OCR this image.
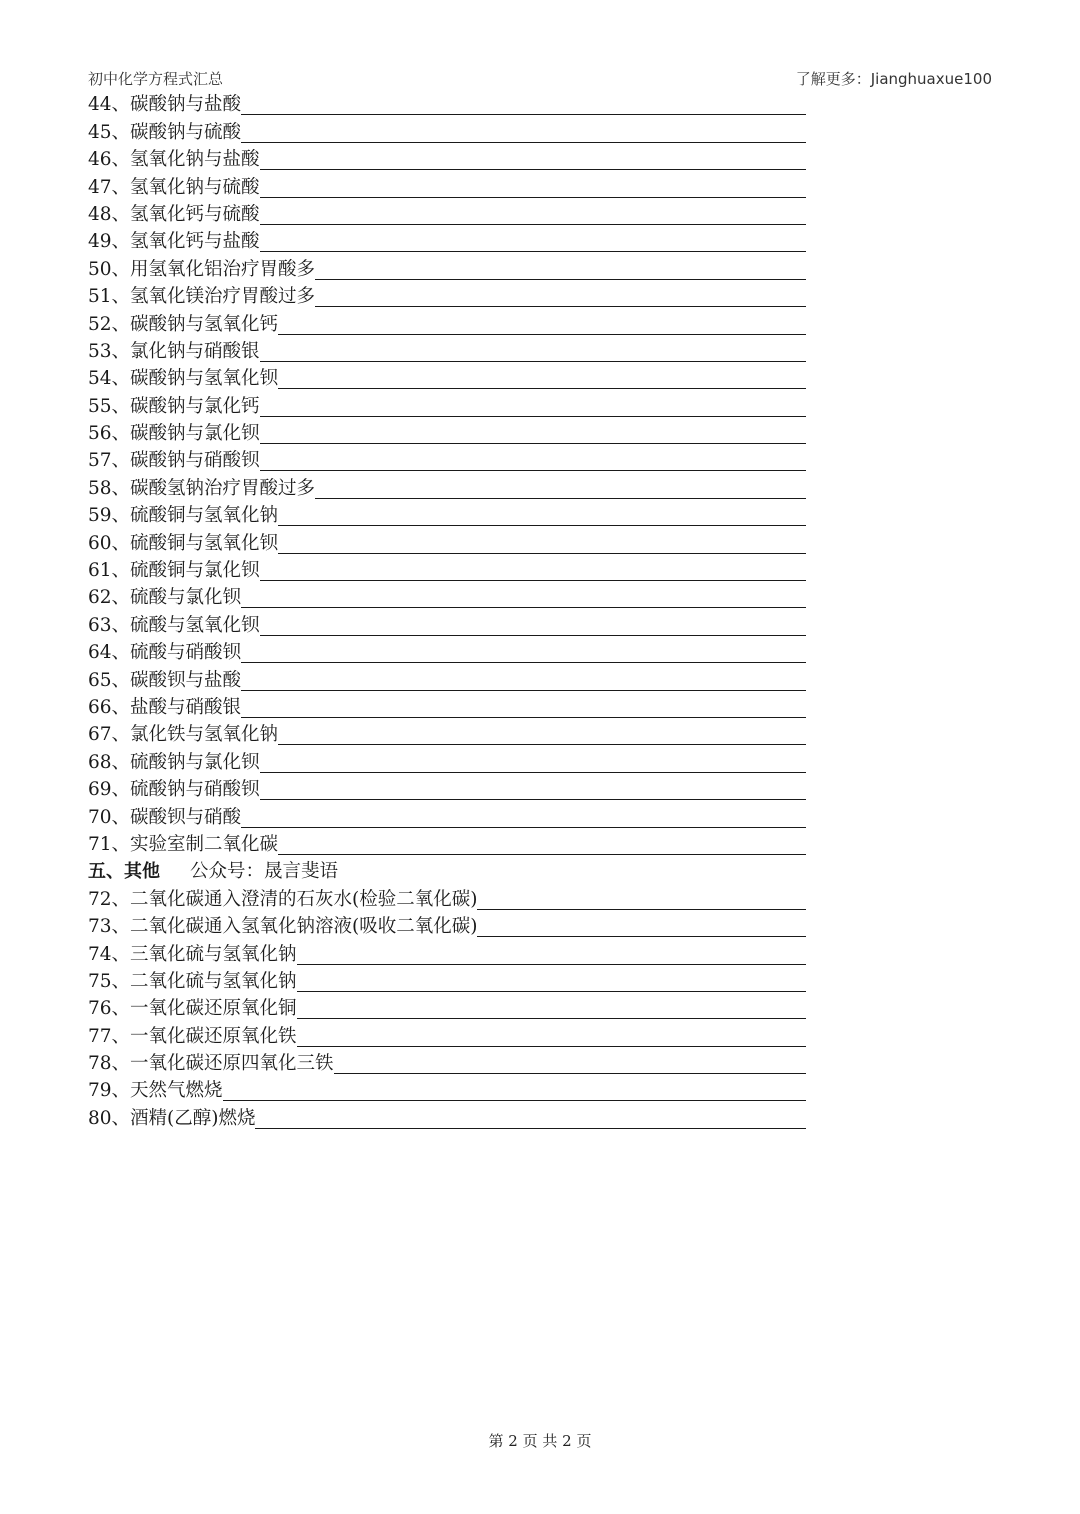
初中化学方程式汇总	了解更多：Jianghuaxue100
44、 碳酸钠与盐酸
45、 碳酸钠与硫酸
46、 氢氧化钠与盐酸
47、 氢氧化钠与硫酸
48、 氢氧化钙与硫酸
49、 氢氧化钙与盐酸
50、 用氢氧化铝治疗胃酸多
51、 氢氧化镁治疗胃酸过多
52、 碳酸钠与氢氧化钙
53、 氯化钠与硝酸银
54、 碳酸钠与氢氧化钡
55、 碳酸钠与氯化钙
56、 碳酸钠与氯化钡
57、 碳酸钠与硝酸钡
58、 碳酸氢钠治疗胃酸过多
59、 硫酸铜与氢氧化钠
60、 硫酸铜与氢氧化钡
61、 硫酸铜与氯化钡
62、 硫酸与氯化钡
63、 硫酸与氢氧化钡
64、 硫酸与硝酸钡
65、 碳酸钡与盐酸
66、 盐酸与硝酸银
67、 氯化铁与氢氧化钠
68、 硫酸钠与氯化钡
69、 硫酸钠与硝酸钡
70、 碳酸钡与硝酸
71、 实验室制二氧化碳
五、其他 公众号：晟言斐语
72、 二氧化碳通入澄清的石灰水(检验二氧化碳)
73、 二氧化碳通入氢氧化钠溶液(吸收二氧化碳)
74、 三氧化硫与氢氧化钠
75、 二氧化硫与氢氧化钠
76、 一氧化碳还原氧化铜
77、 一氧化碳还原氧化铁
78、 一氧化碳还原四氧化三铁
79、 天然气燃烧
80、 酒精(乙醇)燃烧
第 2 页 共 2 页
